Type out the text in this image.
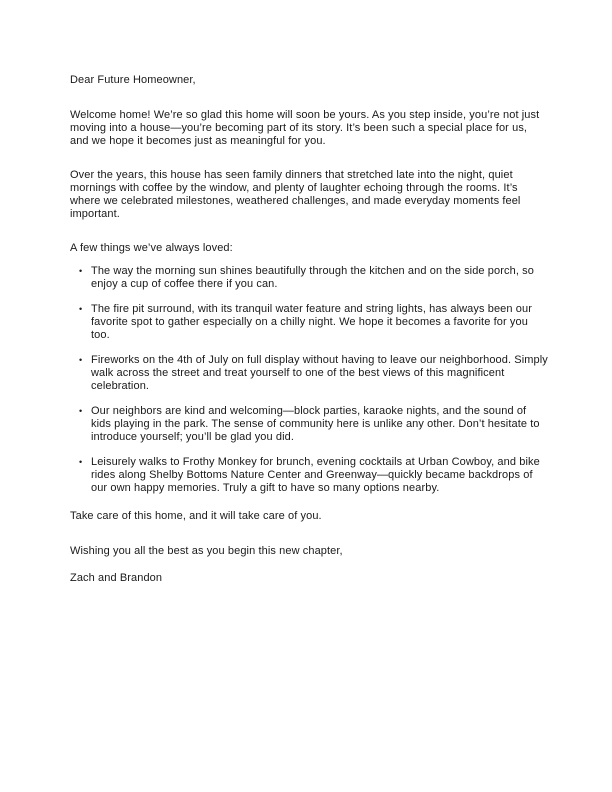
Dear Future Homeowner,

Welcome home! We’re so glad this home will soon be yours. As you step inside, you’re not just moving into a house—you’re becoming part of its story. It’s been such a special place for us, and we hope it becomes just as meaningful for you.

Over the years, this house has seen family dinners that stretched late into the night, quiet mornings with coffee by the window, and plenty of laughter echoing through the rooms. It’s where we celebrated milestones, weathered challenges, and made everyday moments feel important.

A few things we’ve always loved:

• The way the morning sun shines beautifully through the kitchen and on the side porch, so enjoy a cup of coffee there if you can.
• The fire pit surround, with its tranquil water feature and string lights, has always been our favorite spot to gather especially on a chilly night. We hope it becomes a favorite for you too.
• Fireworks on the 4th of July on full display without having to leave our neighborhood. Simply walk across the street and treat yourself to one of the best views of this magnificent celebration.
• Our neighbors are kind and welcoming—block parties, karaoke nights, and the sound of kids playing in the park. The sense of community here is unlike any other. Don’t hesitate to introduce yourself; you’ll be glad you did.
• Leisurely walks to Frothy Monkey for brunch, evening cocktails at Urban Cowboy, and bike rides along Shelby Bottoms Nature Center and Greenway—quickly became backdrops of our own happy memories. Truly a gift to have so many options nearby.

Take care of this home, and it will take care of you.

Wishing you all the best as you begin this new chapter,

Zach and Brandon
